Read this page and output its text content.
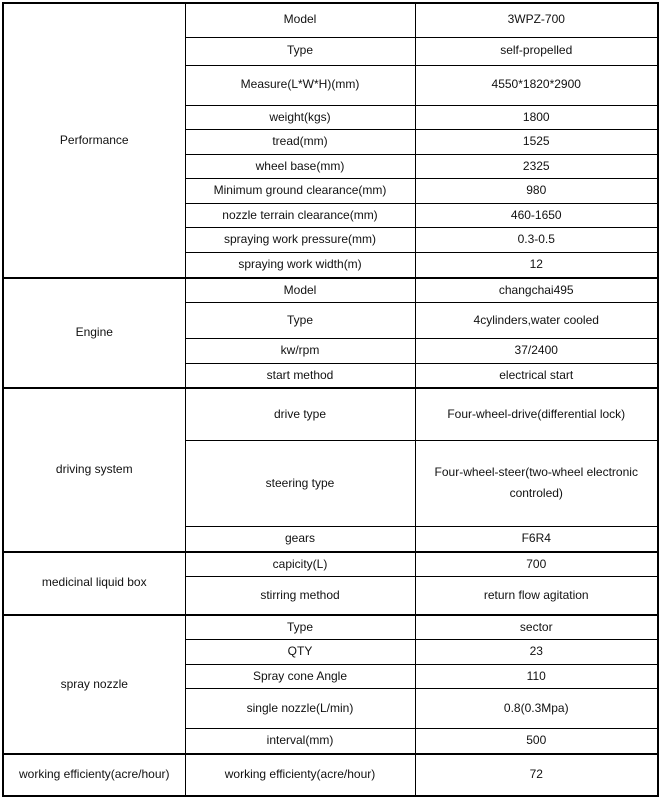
Performance	Model	3WPZ-700
	Type	self-propelled
	Measure(L*W*H)(mm)	4550*1820*2900
	weight(kgs)	1800
	tread(mm)	1525
	wheel base(mm)	2325
	Minimum ground clearance(mm)	980
	nozzle terrain clearance(mm)	460-1650
	spraying work pressure(mm)	0.3-0.5
	spraying work width(m)	12
Engine	Model	changchai495
	Type	4cylinders,water cooled
	kw/rpm	37/2400
	start method	electrical start
driving system	drive type	Four-wheel-drive(differential lock)
	steering type	Four-wheel-steer(two-wheel electronic controled)
	gears	F6R4
medicinal liquid box	capicity(L)	700
	stirring method	return flow agitation
spray nozzle	Type	sector
	QTY	23
	Spray cone Angle	110
	single nozzle(L/min)	0.8(0.3Mpa)
	interval(mm)	500
working efficienty(acre/hour)	working efficienty(acre/hour)	72
